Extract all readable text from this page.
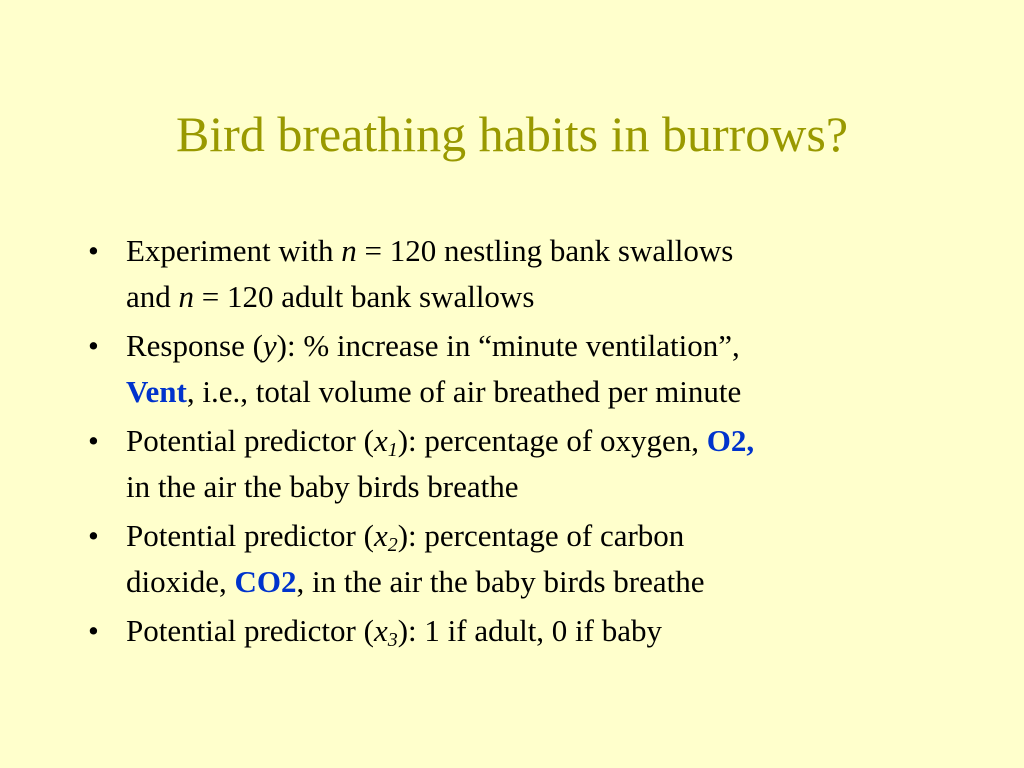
Bird breathing habits in burrows?
• Experiment with n = 120 nestling bank swallows
and n = 120 adult bank swallows
• Response (y): % increase in “minute ventilation”,
Vent, i.e., total volume of air breathed per minute
• Potential predictor $(x_1)$: percentage of oxygen, O2,
in the air the baby birds breathe
• Potential predictor $(x_2)$: percentage of carbon
dioxide, CO2, in the air the baby birds breathe
• Potential predictor $(x_3)$: 1 if adult, 0 if baby
